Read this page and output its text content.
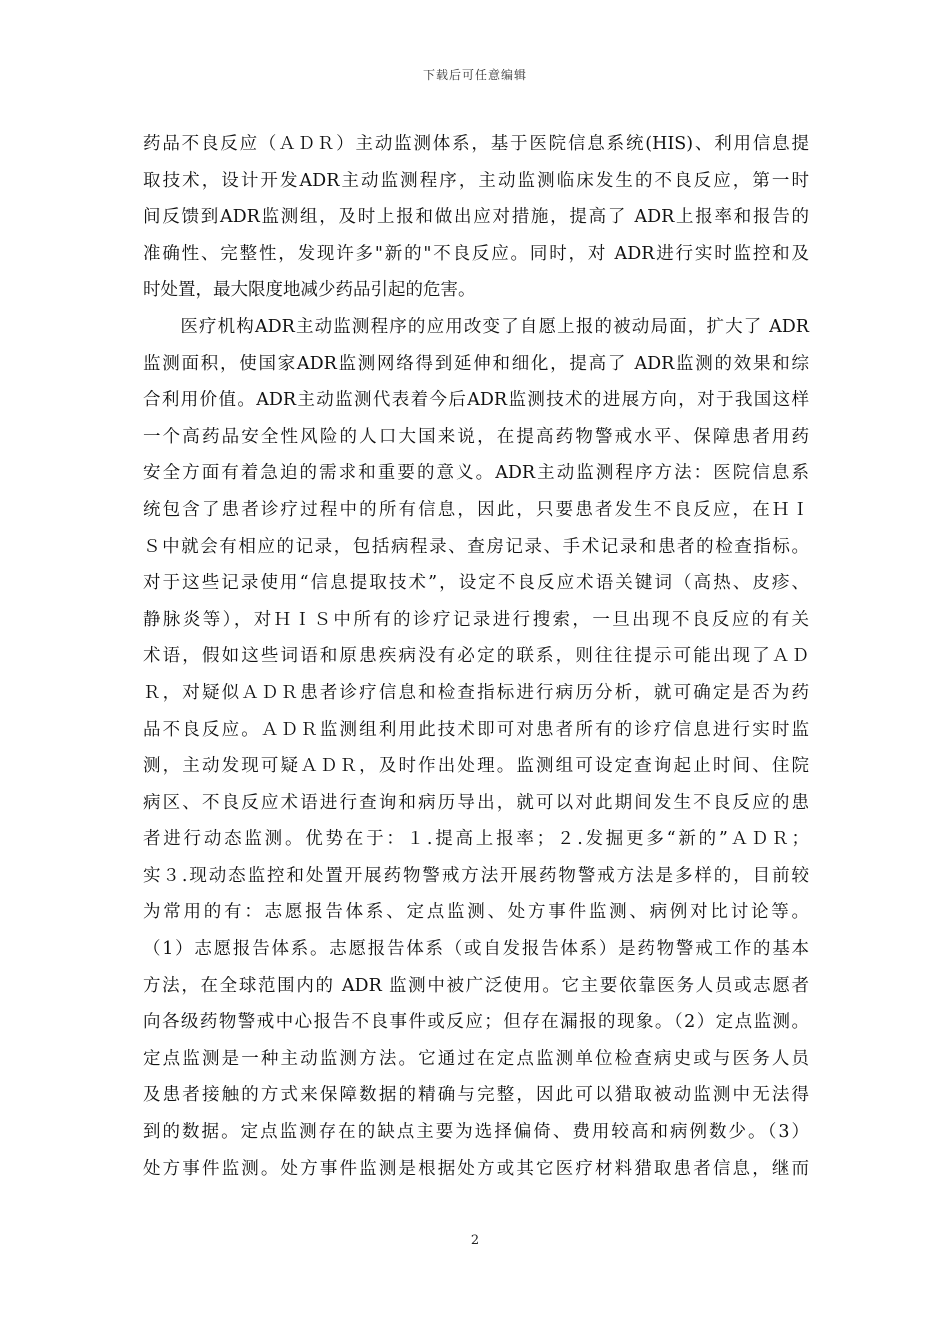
下载后可任意编辑
药品不良反应（ＡＤＲ）主动监测体系，基于医院信息系统(HIS)、利用信息提
取技术，设计开发ADR主动监测程序，主动监测临床发生的不良反应，第一时
间反馈到ADR监测组，及时上报和做出应对措施，提高了 ADR上报率和报告的
准确性、完整性，发现许多"新的"不良反应。同时，对 ADR进行实时监控和及
时处置，最大限度地减少药品引起的危害。
　　医疗机构ADR主动监测程序的应用改变了自愿上报的被动局面，扩大了 ADR
监测面积，使国家ADR监测网络得到延伸和细化，提高了 ADR监测的效果和综
合利用价值。ADR主动监测代表着今后ADR监测技术的进展方向，对于我国这样
一个高药品安全性风险的人口大国来说，在提高药物警戒水平、保障患者用药
安全方面有着急迫的需求和重要的意义。ADR主动监测程序方法：医院信息系
统包含了患者诊疗过程中的所有信息，因此，只要患者发生不良反应，在ＨＩ
Ｓ中就会有相应的记录，包括病程录、查房记录、手术记录和患者的检查指标。
对于这些记录使用“信息提取技术”，设定不良反应术语关键词（高热、皮疹、
静脉炎等），对ＨＩＳ中所有的诊疗记录进行搜索，一旦出现不良反应的有关
术语，假如这些词语和原患疾病没有必定的联系，则往往提示可能出现了ＡＤ
Ｒ，对疑似ＡＤＲ患者诊疗信息和检查指标进行病历分析，就可确定是否为药
品不良反应。ＡＤＲ监测组利用此技术即可对患者所有的诊疗信息进行实时监
测，主动发现可疑ＡＤＲ，及时作出处理。监测组可设定查询起止时间、住院
病区、不良反应术语进行查询和病历导出，就可以对此期间发生不良反应的患
者进行动态监测。优势在于：１.提高上报率；２.发掘更多“新的”ＡＤＲ；
实３.现动态监控和处置开展药物警戒方法开展药物警戒方法是多样的，目前较
为常用的有：志愿报告体系、定点监测、处方事件监测、病例对比讨论等。
（1）志愿报告体系。志愿报告体系（或自发报告体系）是药物警戒工作的基本
方法，在全球范围内的 ADR 监测中被广泛使用。它主要依靠医务人员或志愿者
向各级药物警戒中心报告不良事件或反应；但存在漏报的现象。（2）定点监测。
定点监测是一种主动监测方法。它通过在定点监测单位检查病史或与医务人员
及患者接触的方式来保障数据的精确与完整，因此可以猎取被动监测中无法得
到的数据。定点监测存在的缺点主要为选择偏倚、费用较高和病例数少。（3）
处方事件监测。处方事件监测是根据处方或其它医疗材料猎取患者信息，继而
2
